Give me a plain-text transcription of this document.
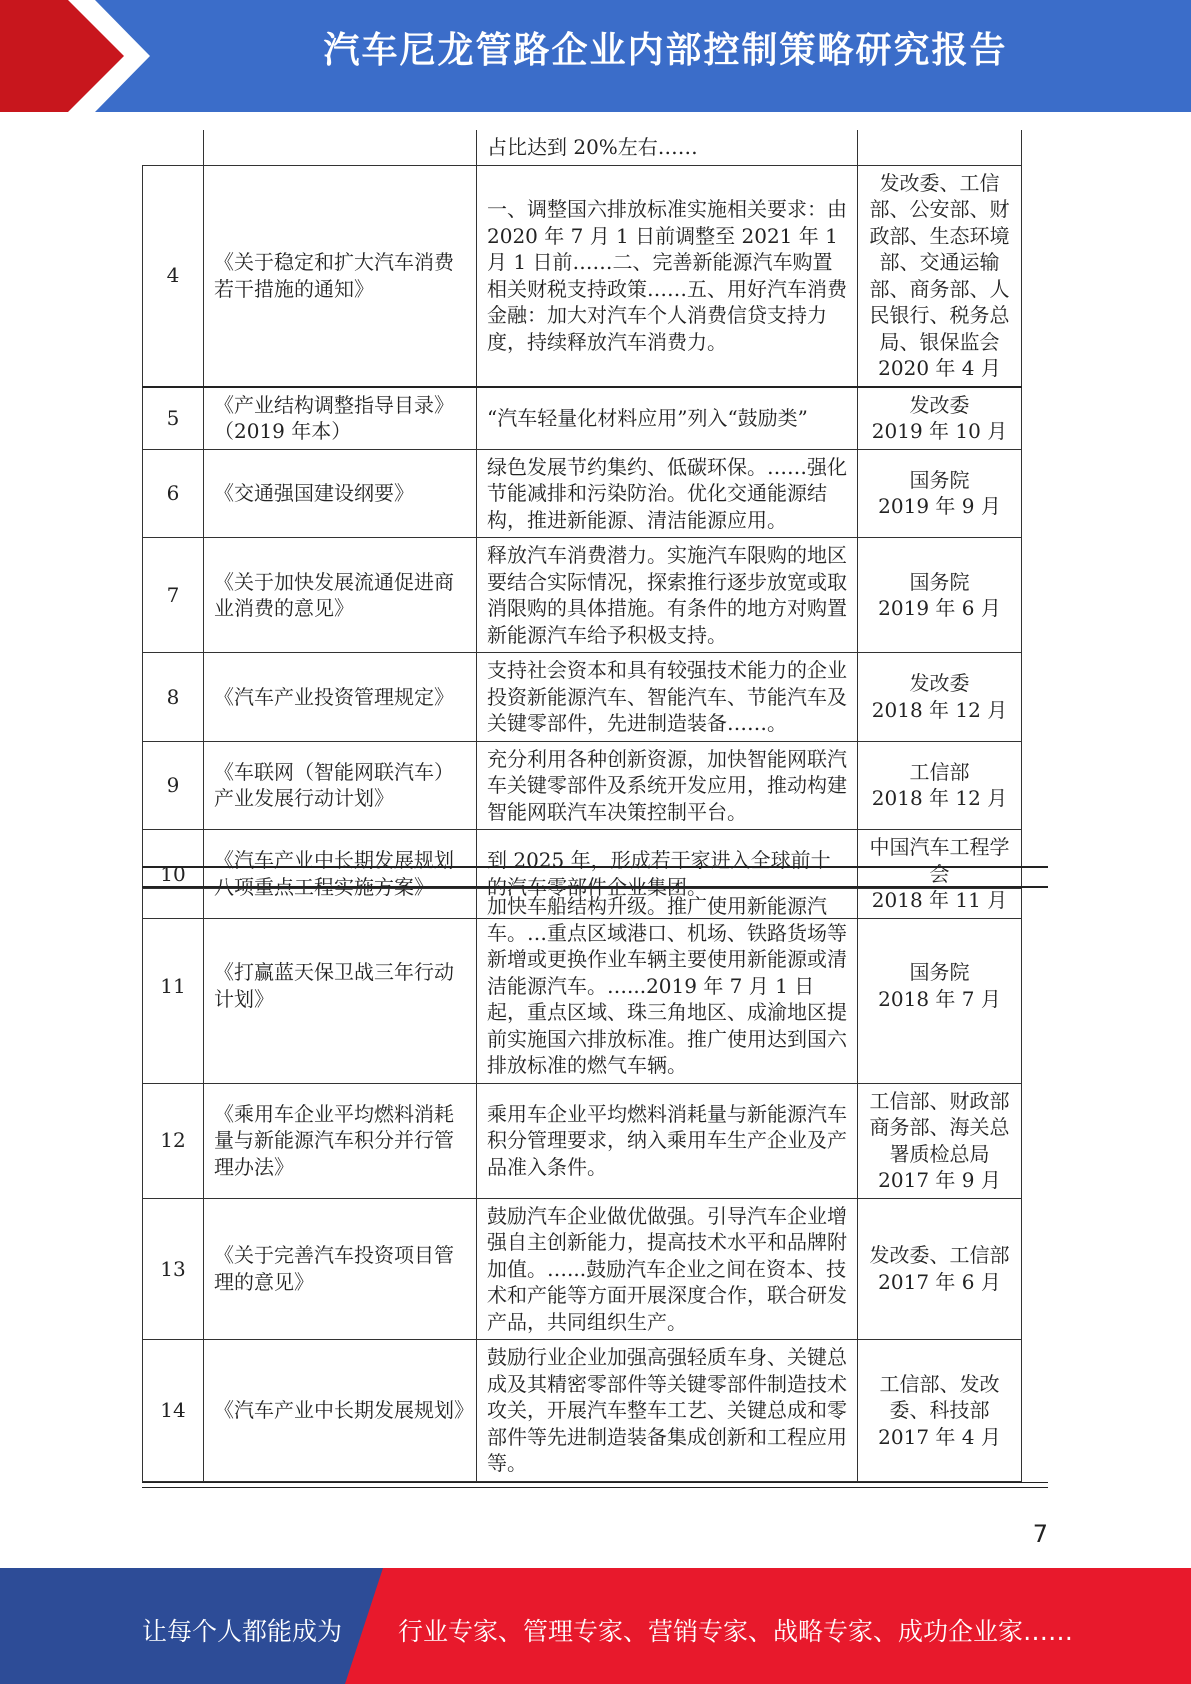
汽车尼龙管路企业内部控制策略研究报告
		占比达到 20%左右……	
4	《关于稳定和扩大汽车消费若干措施的通知》	一、调整国六排放标准实施相关要求：由 2020 年 7 月 1 日前调整至 2021 年 1 月 1 日前……二、完善新能源汽车购置相关财税支持政策……五、用好汽车消费金融：加大对汽车个人消费信贷支持力度，持续释放汽车消费力。	发改委、工信部、公安部、财政部、生态环境部、交通运输部、商务部、人民银行、税务总局、银保监会
2020 年 4 月

5	《产业结构调整指导目录》（2019 年本）	“汽车轻量化材料应用”列入“鼓励类”	发改委
2019 年 10 月

6	《交通强国建设纲要》	绿色发展节约集约、低碳环保。……强化节能减排和污染防治。优化交通能源结构，推进新能源、清洁能源应用。	国务院
2019 年 9 月

7	《关于加快发展流通促进商业消费的意见》	释放汽车消费潜力。实施汽车限购的地区要结合实际情况，探索推行逐步放宽或取消限购的具体措施。有条件的地方对购置新能源汽车给予积极支持。	国务院
2019 年 6 月

8	《汽车产业投资管理规定》	支持社会资本和具有较强技术能力的企业投资新能源汽车、智能汽车、节能汽车及关键零部件，先进制造装备……。	发改委
2018 年 12 月

9	《车联网（智能网联汽车）产业发展行动计划》	充分利用各种创新资源，加快智能网联汽车关键零部件及系统开发应用，推动构建智能网联汽车决策控制平台。	工信部
2018 年 12 月

10	《汽车产业中长期发展规划八项重点工程实施方案》	到 2025 年，形成若干家进入全球前十的汽车零部件企业集团。	中国汽车工程学会
2018 年 11 月
11	《打赢蓝天保卫战三年行动计划》	加快车船结构升级。推广使用新能源汽车。…重点区域港口、机场、铁路货场等新增或更换作业车辆主要使用新能源或清洁能源汽车。…...2019 年 7 月 1 日起，重点区域、珠三角地区、成渝地区提前实施国六排放标准。推广使用达到国六排放标准的燃气车辆。	国务院
2018 年 7 月

12	《乘用车企业平均燃料消耗量与新能源汽车积分并行管理办法》	乘用车企业平均燃料消耗量与新能源汽车积分管理要求，纳入乘用车生产企业及产品准入条件。	工信部、财政部商务部、海关总署质检总局
2017 年 9 月

13	《关于完善汽车投资项目管理的意见》	鼓励汽车企业做优做强。引导汽车企业增强自主创新能力，提高技术水平和品牌附加值。…...鼓励汽车企业之间在资本、技术和产能等方面开展深度合作，联合研发产品，共同组织生产。	发改委、工信部
2017 年 6 月

14	《汽车产业中长期发展规划》	鼓励行业企业加强高强轻质车身、关键总成及其精密零部件等关键零部件制造技术攻关，开展汽车整车工艺、关键总成和零部件等先进制造装备集成创新和工程应用等。	工信部、发改委、科技部
2017 年 4 月
7
让每个人都能成为 行业专家、管理专家、营销专家、战略专家、成功企业家……
